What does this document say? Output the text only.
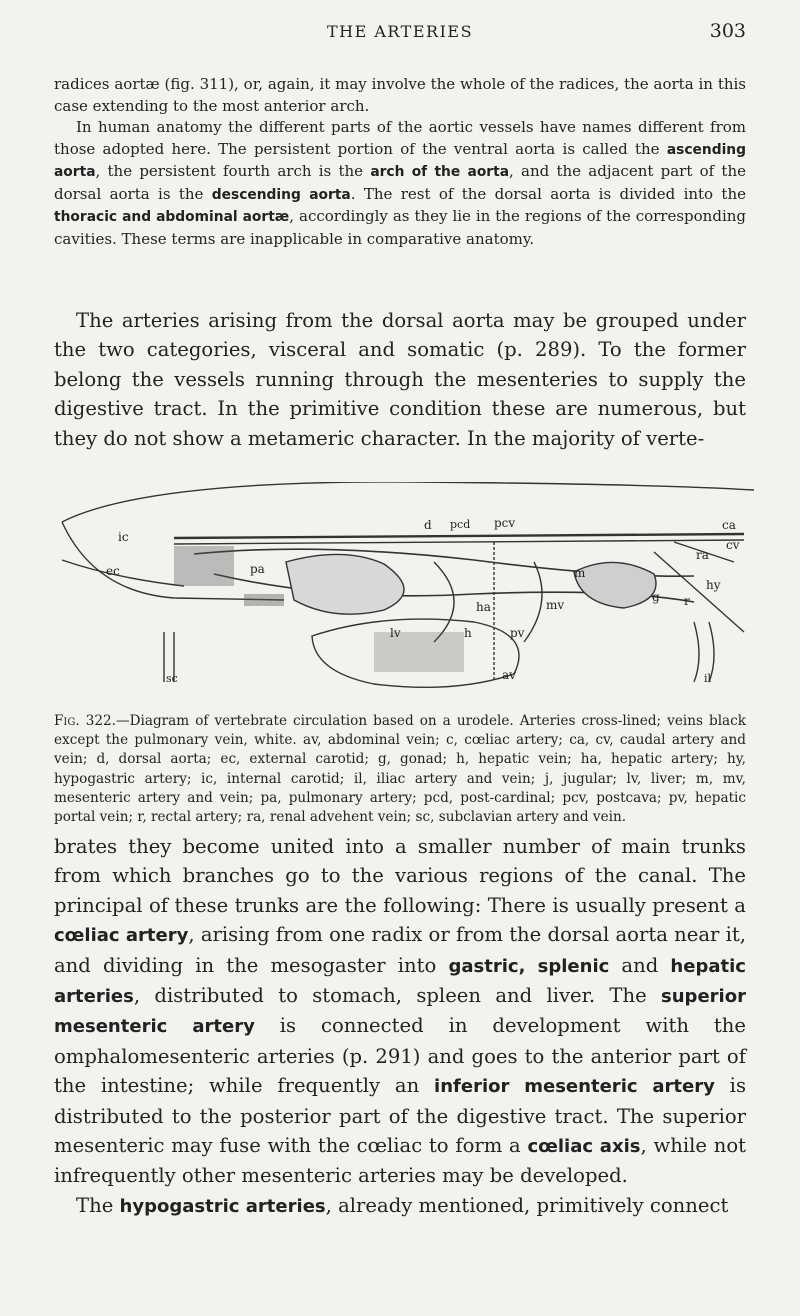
THE ARTERIES	303

radices aortæ (fig. 311), or, again, it may involve the whole of the radices, the aorta in this case extending to the most anterior arch.

In human anatomy the different parts of the aortic vessels have names different from those adopted here. The persistent portion of the ventral aorta is called the ascending aorta, the persistent fourth arch is the arch of the aorta, and the adjacent part of the dorsal aorta is the descending aorta. The rest of the dorsal aorta is divided into the thoracic and abdominal aortæ, accordingly as they lie in the regions of the corresponding cavities. These terms are inapplicable in comparative anatomy.

The arteries arising from the dorsal aorta may be grouped under the two categories, visceral and somatic (p. 289). To the former belong the vessels running through the mesenteries to supply the digestive tract. In the primitive condition these are numerous, but they do not show a metameric character. In the majority of verte-

ic
ec
d pcd pcv	ca
cv
ra
pa	m
mv
hy
g r
ha
lv	h	pv
av
sc	il
Fig. 322.—Diagram of vertebrate circulation based on a urodele. Arteries cross-lined; veins black except the pulmonary vein, white. av, abdominal vein; c, cœliac artery; ca, cv, caudal artery and vein; d, dorsal aorta; ec, external carotid; g, gonad; h, hepatic vein; ha, hepatic artery; hy, hypogastric artery; ic, internal carotid; il, iliac artery and vein; j, jugular; lv, liver; m, mv, mesenteric artery and vein; pa, pulmonary artery; pcd, post-cardinal; pcv, postcava; pv, hepatic portal vein; r, rectal artery; ra, renal advehent vein; sc, subclavian artery and vein.

brates they become united into a smaller number of main trunks from which branches go to the various regions of the canal. The principal of these trunks are the following: There is usually present a cœliac artery, arising from one radix or from the dorsal aorta near it, and dividing in the mesogaster into gastric, splenic and hepatic arteries, distributed to stomach, spleen and liver. The superior mesenteric artery is connected in development with the omphalomesenteric arteries (p. 291) and goes to the anterior part of the intestine; while frequently an inferior mesenteric artery is distributed to the posterior part of the digestive tract. The superior mesenteric may fuse with the cœliac to form a cœliac axis, while not infrequently other mesenteric arteries may be developed.

The hypogastric arteries, already mentioned, primitively connect
